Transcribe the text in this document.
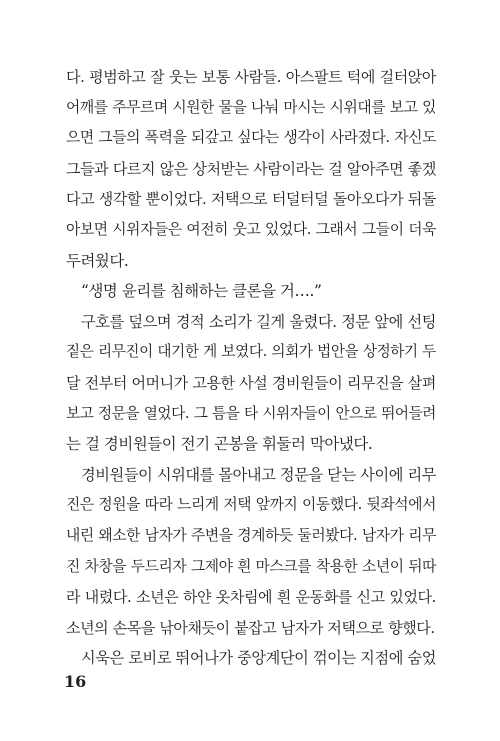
다. 평범하고 잘 웃는 보통 사람들. 아스팔트 턱에 걸터앉아
어깨를 주무르며 시원한 물을 나눠 마시는 시위대를 보고 있
으면 그들의 폭력을 되갚고 싶다는 생각이 사라졌다. 자신도
그들과 다르지 않은 상처받는 사람이라는 걸 알아주면 좋겠
다고 생각할 뿐이었다. 저택으로 터덜터덜 돌아오다가 뒤돌
아보면 시위자들은 여전히 웃고 있었다. 그래서 그들이 더욱
두려웠다.
“생명 윤리를 침해하는 클론을 거….”
구호를 덮으며 경적 소리가 길게 울렸다. 정문 앞에 선팅
짙은 리무진이 대기한 게 보였다. 의회가 법안을 상정하기 두
달 전부터 어머니가 고용한 사설 경비원들이 리무진을 살펴
보고 정문을 열었다. 그 틈을 타 시위자들이 안으로 뛰어들려
는 걸 경비원들이 전기 곤봉을 휘둘러 막아냈다.
경비원들이 시위대를 몰아내고 정문을 닫는 사이에 리무
진은 정원을 따라 느리게 저택 앞까지 이동했다. 뒷좌석에서
내린 왜소한 남자가 주변을 경계하듯 둘러봤다. 남자가 리무
진 차창을 두드리자 그제야 흰 마스크를 착용한 소년이 뒤따
라 내렸다. 소년은 하얀 옷차림에 흰 운동화를 신고 있었다.
소년의 손목을 낚아채듯이 붙잡고 남자가 저택으로 향했다.
시욱은 로비로 뛰어나가 중앙계단이 꺾이는 지점에 숨었
16
